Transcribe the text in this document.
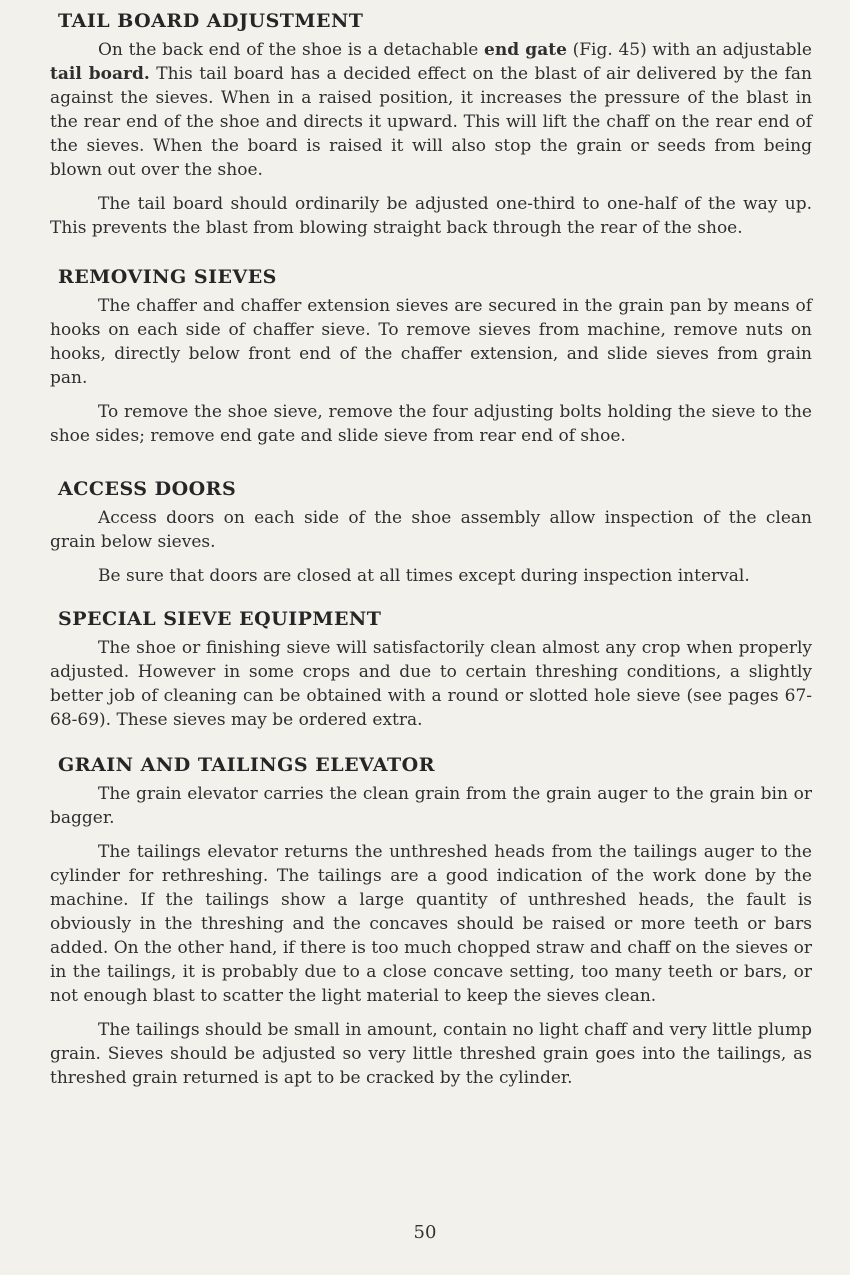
TAIL BOARD ADJUSTMENT

On the back end of the shoe is a detachable end gate (Fig. 45) with an adjustable tail board. This tail board has a decided effect on the blast of air delivered by the fan against the sieves. When in a raised position, it increases the pressure of the blast in the rear end of the shoe and directs it upward. This will lift the chaff on the rear end of the sieves. When the board is raised it will also stop the grain or seeds from being blown out over the shoe.

The tail board should ordinarily be adjusted one-third to one-half of the way up. This prevents the blast from blowing straight back through the rear of the shoe.

REMOVING SIEVES

The chaffer and chaffer extension sieves are secured in the grain pan by means of hooks on each side of chaffer sieve. To remove sieves from machine, remove nuts on hooks, directly below front end of the chaffer extension, and slide sieves from grain pan.

To remove the shoe sieve, remove the four adjusting bolts holding the sieve to the shoe sides; remove end gate and slide sieve from rear end of shoe.

ACCESS DOORS

Access doors on each side of the shoe assembly allow inspection of the clean grain below sieves.

Be sure that doors are closed at all times except during inspection interval.

SPECIAL SIEVE EQUIPMENT

The shoe or finishing sieve will satisfactorily clean almost any crop when properly adjusted. However in some crops and due to certain threshing conditions, a slightly better job of cleaning can be obtained with a round or slotted hole sieve (see pages 67-68-69). These sieves may be ordered extra.

GRAIN AND TAILINGS ELEVATOR

The grain elevator carries the clean grain from the grain auger to the grain bin or bagger.

The tailings elevator returns the unthreshed heads from the tailings auger to the cylinder for rethreshing. The tailings are a good indication of the work done by the machine. If the tailings show a large quantity of unthreshed heads, the fault is obviously in the threshing and the concaves should be raised or more teeth or bars added. On the other hand, if there is too much chopped straw and chaff on the sieves or in the tailings, it is probably due to a close concave setting, too many teeth or bars, or not enough blast to scatter the light material to keep the sieves clean.

The tailings should be small in amount, contain no light chaff and very little plump grain. Sieves should be adjusted so very little threshed grain goes into the tailings, as threshed grain returned is apt to be cracked by the cylinder.

50
